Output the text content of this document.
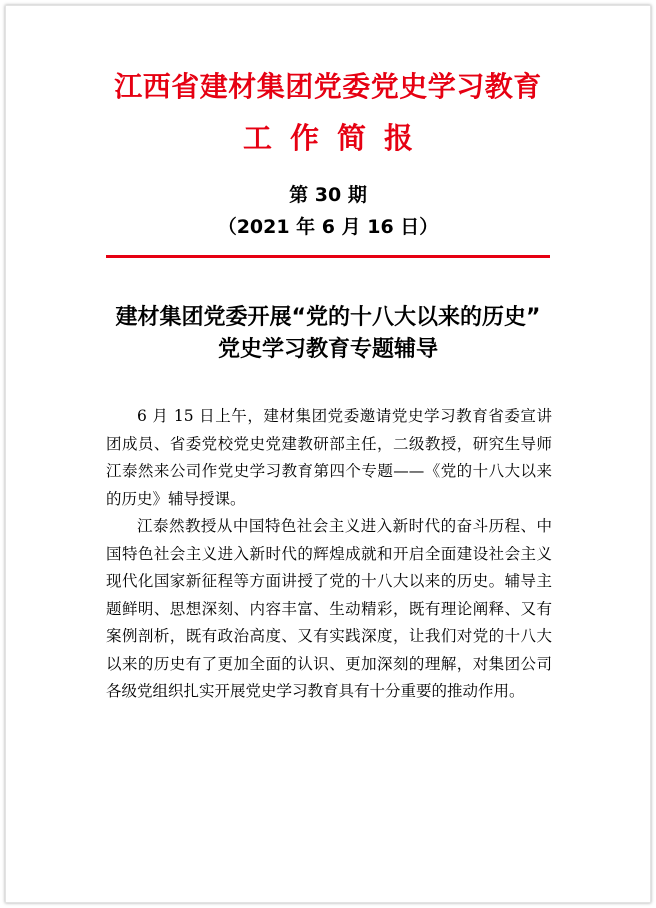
江西省建材集团党委党史学习教育
工作简报
第 30 期
（2021 年 6 月 16 日）
建材集团党委开展“党的十八大以来的历史”
党史学习教育专题辅导

6 月 15 日上午，建材集团党委邀请党史学习教育省委宣讲团成员、省委党校党史党建教研部主任，二级教授，研究生导师江泰然来公司作党史学习教育第四个专题——《党的十八大以来的历史》辅导授课。

江泰然教授从中国特色社会主义进入新时代的奋斗历程、中国特色社会主义进入新时代的辉煌成就和开启全面建设社会主义现代化国家新征程等方面讲授了党的十八大以来的历史。辅导主题鲜明、思想深刻、内容丰富、生动精彩，既有理论阐释、又有案例剖析，既有政治高度、又有实践深度，让我们对党的十八大以来的历史有了更加全面的认识、更加深刻的理解，对集团公司各级党组织扎实开展党史学习教育具有十分重要的推动作用。
